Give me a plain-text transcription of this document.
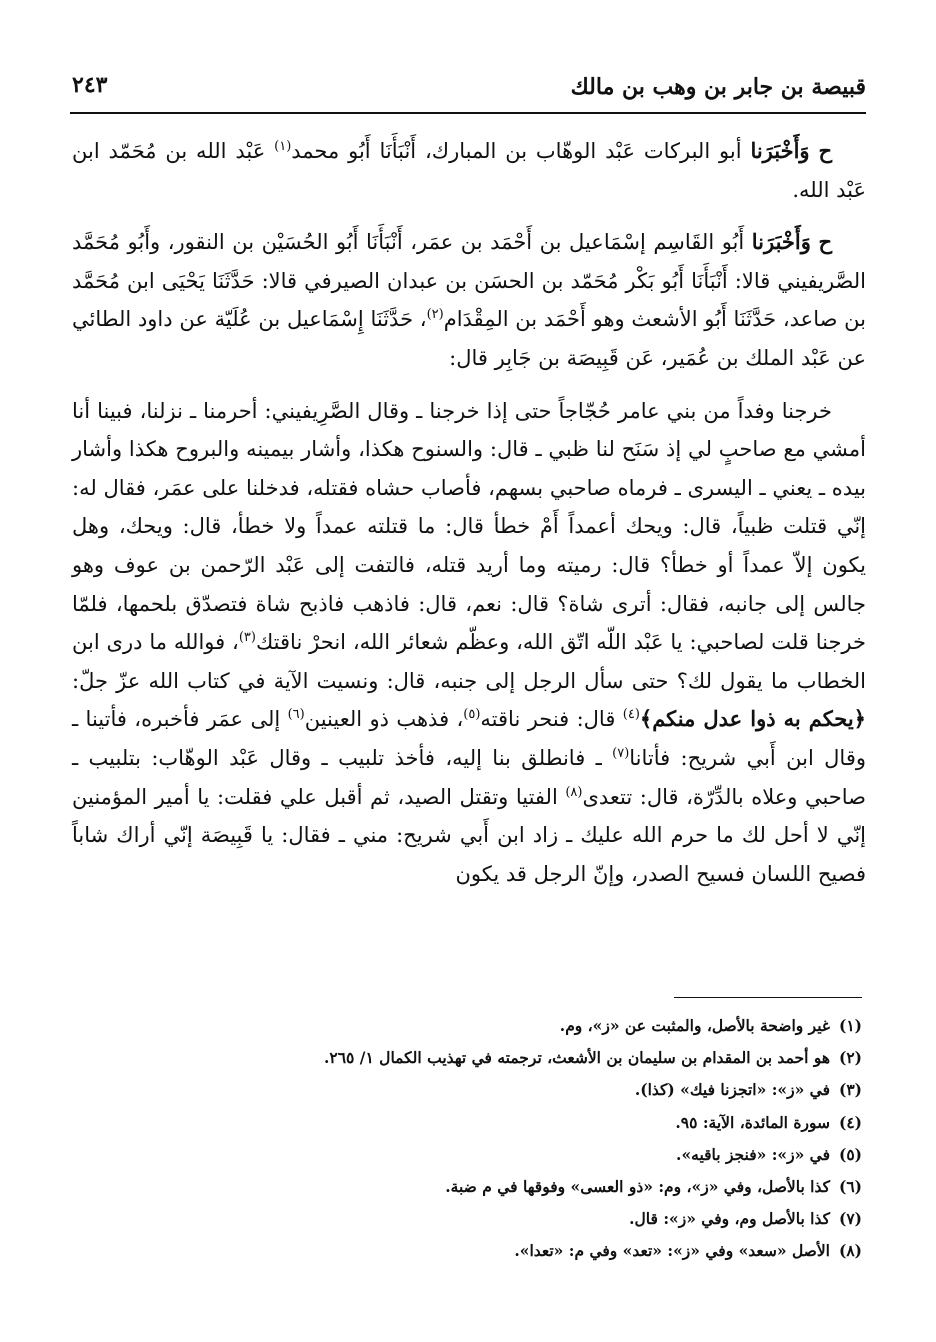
قبيصة بن جابر بن وهب بن مالك
٢٤٣

ح وَأَخْبَرَنا أبو البركات عَبْد الوهّاب بن المبارك، أَنْبَأَنَا أَبُو محمد$^{(١)}$ عَبْد الله بن مُحَمّد ابن عَبْد الله.

ح وَأَخْبَرَنا أَبُو القَاسِم إسْمَاعيل بن أَحْمَد بن عمَر، أَنْبَأَنَا أَبُو الحُسَيْن بن النقور، وأَبُو مُحَمَّد الصَّريفيني قالا: أَنْبَأَنَا أَبُو بَكْر مُحَمّد بن الحسَن بن عبدان الصيرفي قالا: حَدَّثَنَا يَحْيَى ابن مُحَمَّد بن صاعد، حَدَّثَنَا أَبُو الأشعث وهو أَحْمَد بن المِقْدَام$^{(٢)}$، حَدَّثَنَا إِسْمَاعيل بن عُلَيّة عن داود الطائي عن عَبْد الملك بن عُمَير، عَن قَبِيصَة بن جَابِر قال:

خرجنا وفداً من بني عامر حُجّاجاً حتى إذا خرجنا ـ وقال الصَّرِيفيني: أحرمنا ـ نزلنا، فبينا أنا أمشي مع صاحبٍ لي إذ سَنَح لنا ظبي ـ قال: والسنوح هكذا، وأشار بيمينه والبروح هكذا وأشار بيده ـ يعني ـ اليسرى ـ فرماه صاحبي بسهم، فأصاب حشاه فقتله، فدخلنا على عمَر، فقال له: إنّي قتلت ظبياً، قال: ويحك أعمداً أَمْ خطأ قال: ما قتلته عمداً ولا خطأ، قال: ويحك، وهل يكون إلاّ عمداً أو خطأ؟ قال: رميته وما أريد قتله، فالتفت إلى عَبْد الرّحمن بن عوف وهو جالس إلى جانبه، فقال: أترى شاة؟ قال: نعم، قال: فاذهب فاذبح شاة فتصدّق بلحمها، فلمّا خرجنا قلت لصاحبي: يا عَبْد اللّه اتّق الله، وعظّم شعائر الله، انحرْ ناقتك$^{(٣)}$، فوالله ما درى ابن الخطاب ما يقول لك؟ حتى سأل الرجل إلى جنبه، قال: ونسيت الآية في كتاب الله عزّ جلّ: ﴿يحكم به ذوا عدل منكم﴾$^{(٤)}$ قال: فنحر ناقته$^{(٥)}$، فذهب ذو العينين$^{(٦)}$ إلى عمَر فأخبره، فأتينا ـ وقال ابن أَبي شريح: فأتانا$^{(٧)}$ ـ فانطلق بنا إليه، فأخذ تلبيب ـ وقال عَبْد الوهّاب: بتلبيب ـ صاحبي وعلاه بالدِّرّة، قال: تتعدى$^{(٨)}$ الفتيا وتقتل الصيد، ثم أقبل علي فقلت: يا أمير المؤمنين إنّي لا أحل لك ما حرم الله عليك ـ زاد ابن أَبي شريح: مني ـ فقال: يا قَبِيصَة إنّي أراك شاباً فصيح اللسان فسيح الصدر، وإنّ الرجل قد يكون

(١)غير واضحة بالأصل، والمثبت عن «ز»، وم.
(٢)هو أحمد بن المقدام بن سليمان بن الأشعث، ترجمته في تهذيب الكمال ١/ ٢٦٥.
(٣)في «ز»: «اتجزنا فيك» (كذا).
(٤)سورة المائدة، الآية: ٩٥.
(٥)في «ز»: «فنجز باقيه».
(٦)كذا بالأصل، وفي «ز»، وم: «ذو العسى» وفوقها في م ضبة.
(٧)كذا بالأصل وم، وفي «ز»: قال.
(٨)الأصل «سعد» وفي «ز»: «تعد» وفي م: «تعدا».
